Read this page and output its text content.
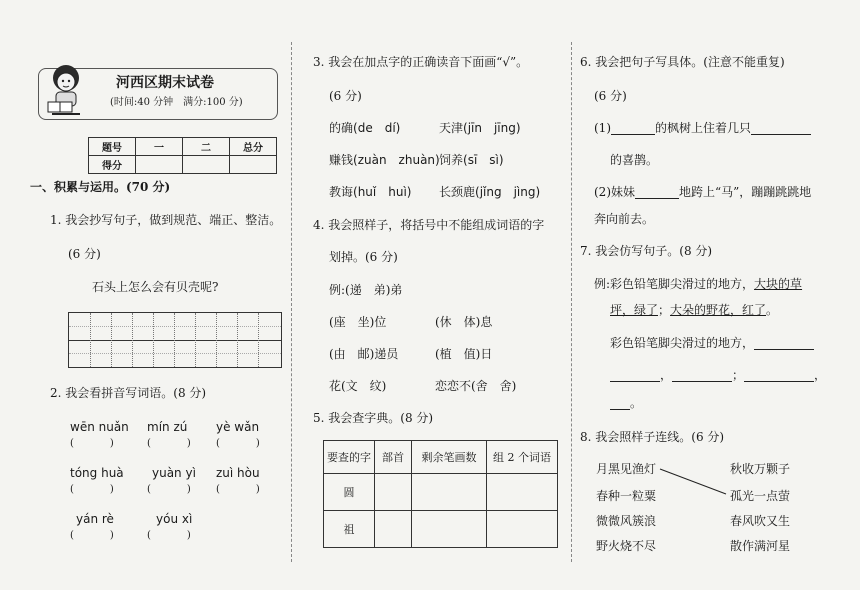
河西区期末试卷
(时间:40 分钟　满分:100 分)
题号	一	二	总分
得分			
一、积累与运用。(70 分)
1. 我会抄写句子，做到规范、端正、整洁。
(6 分)
石头上怎么会有贝壳呢?
2. 我会看拼音写词语。(8 分)
wēn nuǎn mín zú yè wǎn
(	)	(	)	(	)
tóng huà yuàn yì zuì hòu
(	)	(	)	(	)
yán rè	yóu xì
(	)	(	)
3. 我会在加点字的正确读音下面画“√”。
(6 分)
的确(de　dí)	天津(jīn　jīng)
赚钱(zuàn　zhuàn) 饲养(sī　sì)
教诲(huǐ　huì) 长颈鹿(jǐng　jìng)
4. 我会照样子，将括号中不能组成词语的字
划掉。(6 分)
例:(递　弟)弟
(座　坐)位	(休　体)息
(由　邮)递员	(植　值)日
花(文　纹)	恋恋不(舍　舍)
5. 我会查字典。(8 分)
要查的字	部首	剩余笔画数	组 2 个词语
圆			
祖			
6. 我会把句子写具体。(注意不能重复)
(6 分)
(1)	的枫树上住着几只
的喜鹊。
(2)妹妹	地跨上“马”，蹦蹦跳跳地
奔向前去。
7. 我会仿写句子。(8 分)
例:彩色铅笔脚尖滑过的地方，大块的草
坪，绿了；大朵的野花，红了。
彩色铅笔脚尖滑过的地方，
，	；	，
。
8. 我会照样子连线。(6 分)
月黑见渔灯
春种一粒粟
微微风簇浪
野火烧不尽
秋收万颗子
孤光一点萤
春风吹又生
散作满河星
